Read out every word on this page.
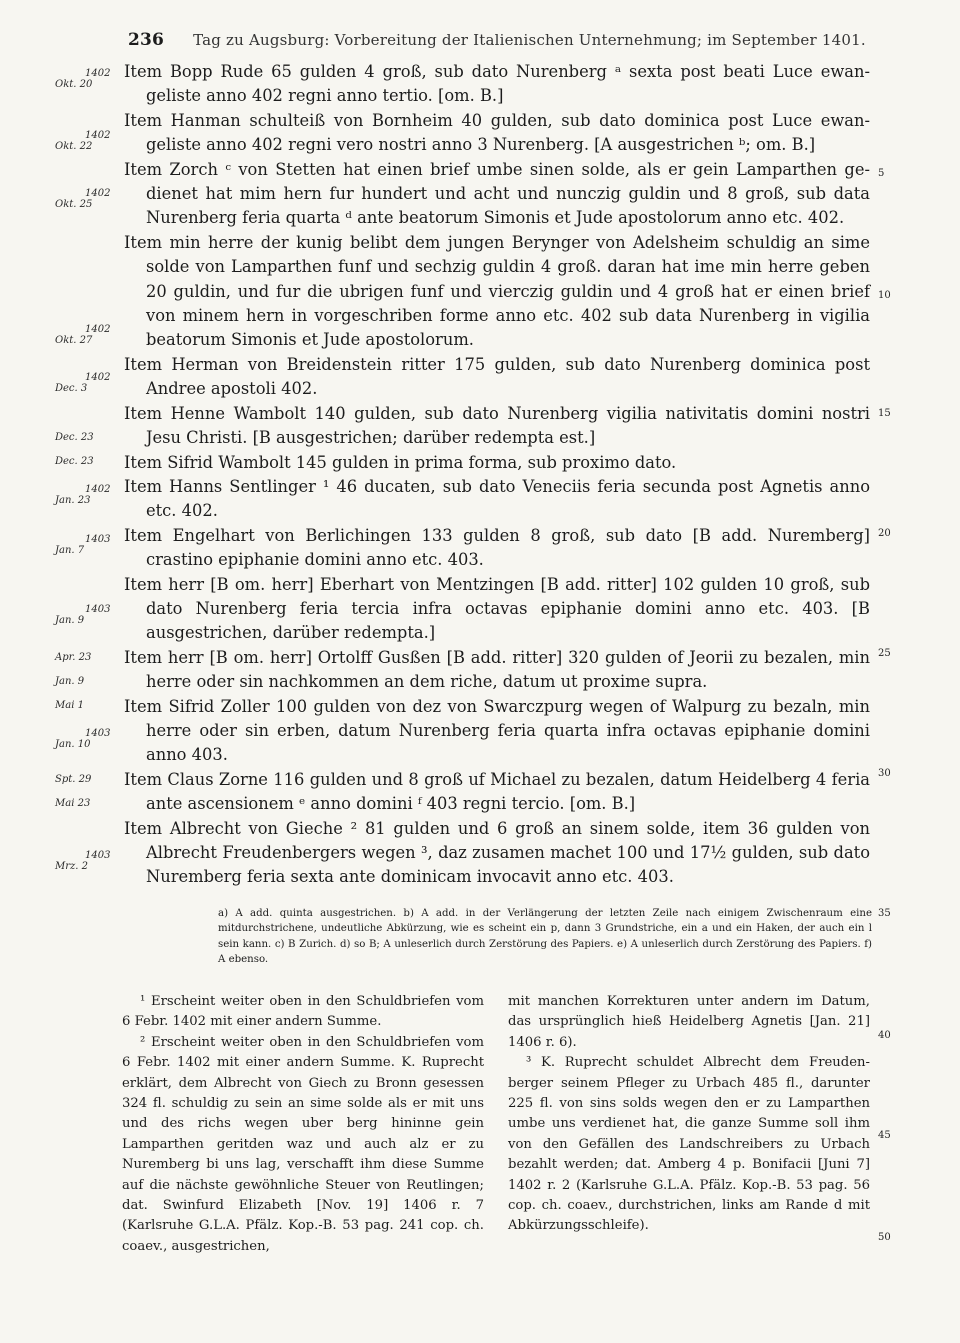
236 Tag zu Augsburg: Vorbereitung der Italienischen Unternehmung; im September 1401.
1402
Okt. 20
1402
Okt. 22
1402
Okt. 25
1402
Okt. 27
1402
Dec. 3
Dec. 23
Dec. 23
1402
Jan. 23
1403
Jan. 7
1403
Jan. 9
Apr. 23
Jan. 9
Mai 1
1403
Jan. 10
Spt. 29
Mai 23
1403
Mrz. 2

Item Bopp Rude 65 gulden 4 groß, sub dato Nurenberg ᵃ sexta post beati Luce ewangeliste anno 402 regni anno tertio. [om. B.]

Item Hanman schulteiß von Bornheim 40 gulden, sub dato dominica post Luce ewangeliste anno 402 regni vero nostri anno 3 Nurenberg. [A ausgestrichen ᵇ; om. B.]

Item Zorch ᶜ von Stetten hat einen brief umbe sinen solde, als er gein Lamparthen gedienet hat mim hern fur hundert und acht und nunczig guldin und 8 groß, sub data Nurenberg feria quarta ᵈ ante beatorum Simonis et Jude apostolorum anno etc. 402.

Item min herre der kunig belibt dem jungen Berynger von Adelsheim schuldig an sime solde von Lamparthen funf und sechzig guldin 4 groß. daran hat ime min herre geben 20 guldin, und fur die ubrigen funf und vierczig guldin und 4 groß hat er einen brief von minem hern in vorgeschriben forme anno etc. 402 sub data Nurenberg in vigilia beatorum Simonis et Jude apostolorum.

Item Herman von Breidenstein ritter 175 gulden, sub dato Nurenberg dominica post Andree apostoli 402.

Item Henne Wambolt 140 gulden, sub dato Nurenberg vigilia nativitatis domini nostri Jesu Christi. [B ausgestrichen; darüber redempta est.]

Item Sifrid Wambolt 145 gulden in prima forma, sub proximo dato.

Item Hanns Sentlinger ¹ 46 ducaten, sub dato Veneciis feria secunda post Agnetis anno etc. 402.

Item Engelhart von Berlichingen 133 gulden 8 groß, sub dato [B add. Nuremberg] crastino epiphanie domini anno etc. 403.

Item herr [B om. herr] Eberhart von Mentzingen [B add. ritter] 102 gulden 10 groß, sub dato Nurenberg feria tercia infra octavas epiphanie domini anno etc. 403. [B ausgestrichen, darüber redempta.]

Item herr [B om. herr] Ortolff Gusßen [B add. ritter] 320 gulden of Jeorii zu bezalen, min herre oder sin nachkommen an dem riche, datum ut proxime supra.

Item Sifrid Zoller 100 gulden von dez von Swarczpurg wegen of Walpurg zu bezaln, min herre oder sin erben, datum Nurenberg feria quarta infra octavas epiphanie domini anno 403.

Item Claus Zorne 116 gulden und 8 groß uf Michael zu bezalen, datum Heidelberg 4 feria ante ascensionem ᵉ anno domini ᶠ 403 regni tercio. [om. B.]

Item Albrecht von Gieche ² 81 gulden und 6 groß an sinem solde, item 36 gulden von Albrecht Freudenbergers wegen ³, daz zusamen machet 100 und 17½ gulden, sub dato Nuremberg feria sexta ante dominicam invocavit anno etc. 403.

5
10
15
20
25
30
35
40
45
50
a) A add. quinta ausgestrichen. b) A add. in der Verlängerung der letzten Zeile nach einigem Zwischenraum eine mitdurchstrichene, undeutliche Abkürzung, wie es scheint ein p, dann 3 Grundstriche, ein a und ein Haken, der auch ein l sein kann. c) B Zurich. d) so B; A unleserlich durch Zerstörung des Papiers. e) A unleserlich durch Zerstörung des Papiers. f) A ebenso.

¹ Erscheint weiter oben in den Schuldbriefen vom 6 Febr. 1402 mit einer andern Summe.

² Erscheint weiter oben in den Schuldbriefen vom 6 Febr. 1402 mit einer andern Summe. K. Ruprecht erklärt, dem Albrecht von Giech zu Bronn gesessen 324 fl. schuldig zu sein an sime solde als er mit uns und des richs wegen uber berg hininne gein Lamparthen geritden waz und auch alz er zu Nuremberg bi uns lag, verschafft ihm diese Summe auf die nächste gewöhnliche Steuer von Reutlingen; dat. Swinfurd Elizabeth [Nov. 19] 1406 r. 7 (Karlsruhe G.L.A. Pfälz. Kop.-B. 53 pag. 241 cop. ch. coaev., ausgestrichen,

mit manchen Korrekturen unter andern im Datum, das ursprünglich hieß Heidelberg Agnetis [Jan. 21] 1406 r. 6).

³ K. Ruprecht schuldet Albrecht dem Freudenberger seinem Pfleger zu Urbach 485 fl., darunter 225 fl. von sins solds wegen den er zu Lamparthen umbe uns verdienet hat, die ganze Summe soll ihm von den Gefällen des Landschreibers zu Urbach bezahlt werden; dat. Amberg 4 p. Bonifacii [Juni 7] 1402 r. 2 (Karlsruhe G.L.A. Pfälz. Kop.-B. 53 pag. 56 cop. ch. coaev., durchstrichen, links am Rande d mit Abkürzungsschleife).
